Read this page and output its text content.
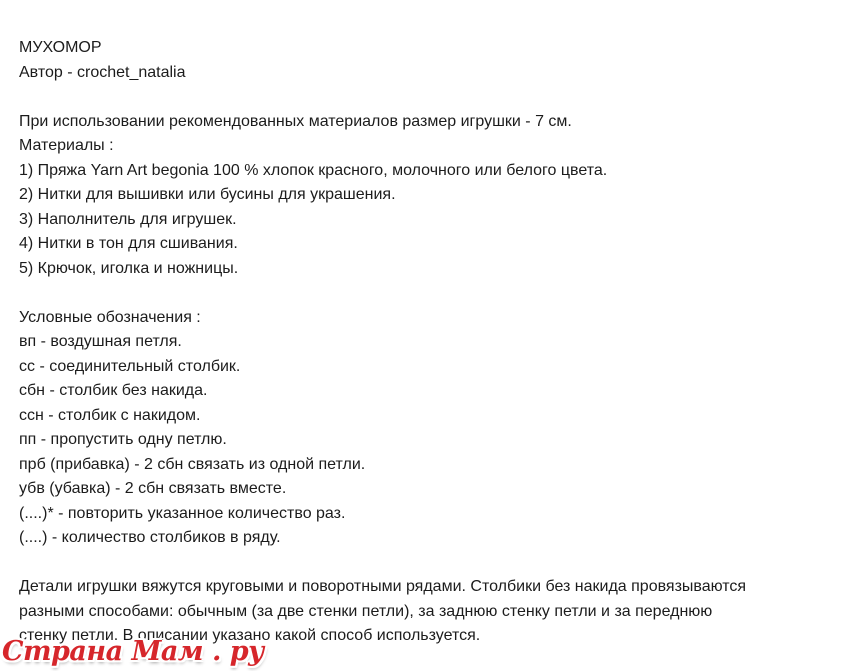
МУХОМОР
Автор - crochet_natalia
При использовании рекомендованных материалов размер игрушки - 7 см.
Материалы :
1) Пряжа Yarn Art begonia 100 % хлопок красного, молочного или белого цвета.
2) Нитки для вышивки или бусины для украшения.
3) Наполнитель для игрушек.
4) Нитки в тон для сшивания.
5) Крючок, иголка и ножницы.
Условные обозначения :
вп - воздушная петля.
сс - соединительный столбик.
сбн - столбик без накида.
ссн - столбик с накидом.
пп - пропустить одну петлю.
прб (прибавка) - 2 сбн связать из одной петли.
убв (убавка) - 2 сбн связать вместе.
(....)* - повторить указанное количество раз.
(....) - количество столбиков в ряду.
Детали игрушки вяжутся круговыми и поворотными рядами. Столбики без накида провязываются
разными способами: обычным (за две стенки петли), за заднюю стенку петли и за переднюю
стенку петли. В описании указано какой способ используется.
Страна Мам . ру
